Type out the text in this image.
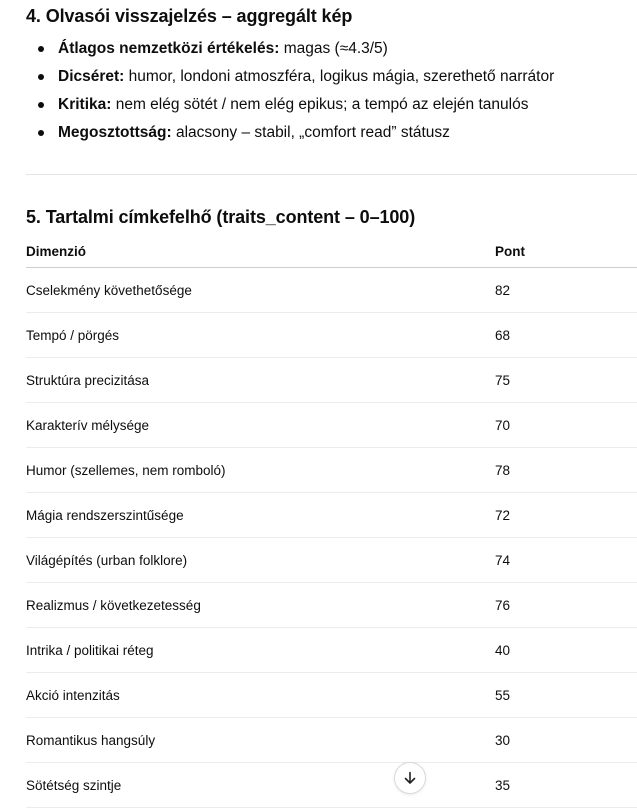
4. Olvasói visszajelzés – aggregált kép
Átlagos nemzetközi értékelés: magas (≈4.3/5)
Dicséret: humor, londoni atmoszféra, logikus mágia, szerethető narrátor
Kritika: nem elég sötét / nem elég epikus; a tempó az elején tanulós
Megosztottság: alacsony – stabil, „comfort read” státusz
5. Tartalmi címkefelhő (traits_content – 0–100)
Dimenzió	Pont
Cselekmény követhetősége	82
Tempó / pörgés	68
Struktúra precizitása	75
Karakterív mélysége	70
Humor (szellemes, nem romboló)	78
Mágia rendszerszintűsége	72
Világépítés (urban folklore)	74
Realizmus / következetesség	76
Intrika / politikai réteg	40
Akció intenzitás	55
Romantikus hangsúly	30
Sötétség szintje	35
